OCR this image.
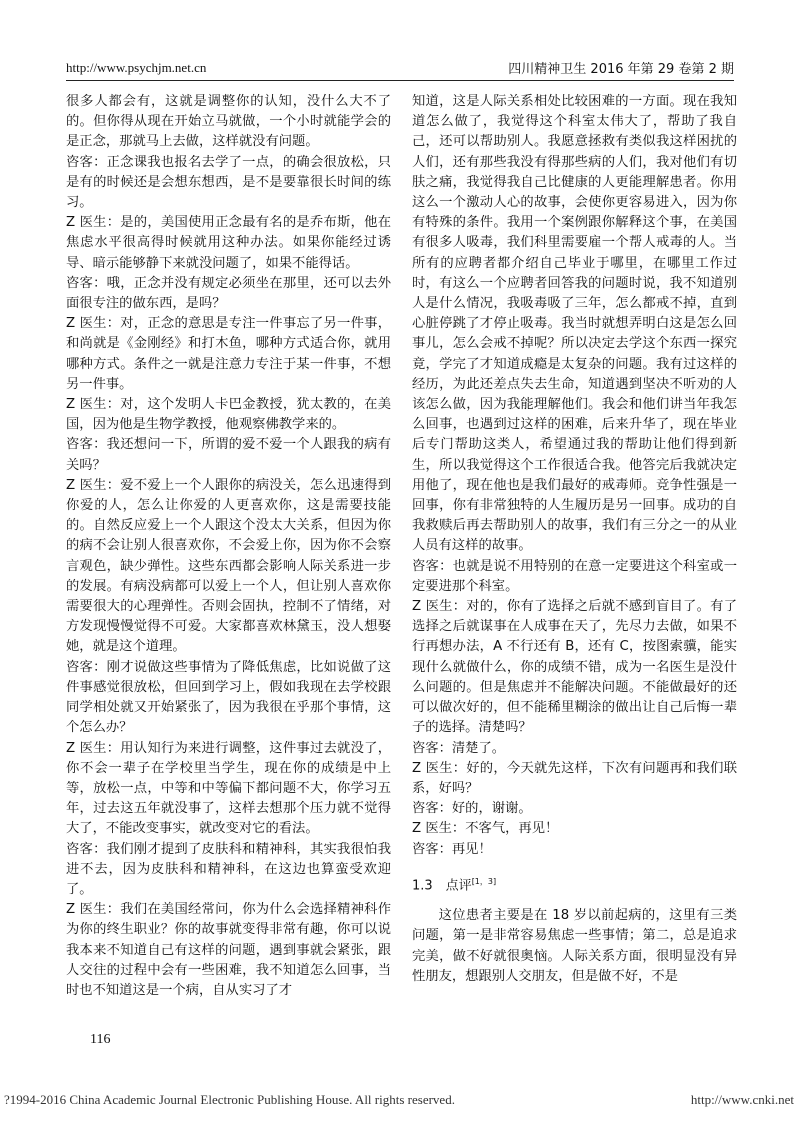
http://www.psychjm.net.cn	四川精神卫生 2016 年第 29 卷第 2 期

很多人都会有，这就是调整你的认知，没什么大不了的。但你得从现在开始立马就做，一个小时就能学会的是正念，那就马上去做，这样就没有问题。

咨客：正念课我也报名去学了一点，的确会很放松，只是有的时候还是会想东想西，是不是要靠很长时间的练习。

Z 医生：是的，美国使用正念最有名的是乔布斯，他在焦虑水平很高得时候就用这种办法。如果你能经过诱导、暗示能够静下来就没问题了，如果不能得话。

咨客：哦，正念并没有规定必须坐在那里，还可以去外面很专注的做东西，是吗？

Z 医生：对，正念的意思是专注一件事忘了另一件事，和尚就是《金刚经》和打木鱼，哪种方式适合你，就用哪种方式。条件之一就是注意力专注于某一件事，不想另一件事。

Z 医生：对，这个发明人卡巴金教授，犹太教的，在美国，因为他是生物学教授，他观察佛教学来的。

咨客：我还想问一下，所谓的爱不爱一个人跟我的病有关吗？

Z 医生：爱不爱上一个人跟你的病没关，怎么迅速得到你爱的人，怎么让你爱的人更喜欢你，这是需要技能的。自然反应爱上一个人跟这个没太大关系，但因为你的病不会让别人很喜欢你，不会爱上你，因为你不会察言观色，缺少弹性。这些东西都会影响人际关系进一步的发展。有病没病都可以爱上一个人，但让别人喜欢你需要很大的心理弹性。否则会固执，控制不了情绪，对方发现慢慢觉得不可爱。大家都喜欢林黛玉，没人想娶她，就是这个道理。

咨客：刚才说做这些事情为了降低焦虑，比如说做了这件事感觉很放松，但回到学习上，假如我现在去学校跟同学相处就又开始紧张了，因为我很在乎那个事情，这个怎么办？

Z 医生：用认知行为来进行调整，这件事过去就没了，你不会一辈子在学校里当学生，现在你的成绩是中上等，放松一点，中等和中等偏下都问题不大，你学习五年，过去这五年就没事了，这样去想那个压力就不觉得大了，不能改变事实，就改变对它的看法。

咨客：我们刚才提到了皮肤科和精神科，其实我很怕我进不去，因为皮肤科和精神科，在这边也算蛮受欢迎了。

Z 医生：我们在美国经常问，你为什么会选择精神科作为你的终生职业？你的故事就变得非常有趣，你可以说我本来不知道自己有这样的问题，遇到事就会紧张，跟人交往的过程中会有一些困难，我不知道怎么回事，当时也不知道这是一个病，自从实习了才

知道，这是人际关系相处比较困难的一方面。现在我知道怎么做了，我觉得这个科室太伟大了，帮助了我自己，还可以帮助别人。我愿意拯救有类似我这样困扰的人们，还有那些我没有得那些病的人们，我对他们有切肤之痛，我觉得我自己比健康的人更能理解患者。你用这么一个激动人心的故事，会使你更容易进入，因为你有特殊的条件。我用一个案例跟你解释这个事，在美国有很多人吸毒，我们科里需要雇一个帮人戒毒的人。当所有的应聘者都介绍自己毕业于哪里，在哪里工作过时，有这么一个应聘者回答我的问题时说，我不知道别人是什么情况，我吸毒吸了三年，怎么都戒不掉，直到心脏停跳了才停止吸毒。我当时就想弄明白这是怎么回事儿，怎么会戒不掉呢？所以决定去学这个东西一探究竟，学完了才知道成瘾是太复杂的问题。我有过这样的经历，为此还差点失去生命，知道遇到坚决不听劝的人该怎么做，因为我能理解他们。我会和他们讲当年我怎么回事，也遇到过这样的困难，后来升华了，现在毕业后专门帮助这类人，希望通过我的帮助让他们得到新生，所以我觉得这个工作很适合我。他答完后我就决定用他了，现在他也是我们最好的戒毒师。竞争性强是一回事，你有非常独特的人生履历是另一回事。成功的自我救赎后再去帮助别人的故事，我们有三分之一的从业人员有这样的故事。

咨客：也就是说不用特别的在意一定要进这个科室或一定要进那个科室。

Z 医生：对的，你有了选择之后就不感到盲目了。有了选择之后就谋事在人成事在天了，先尽力去做，如果不行再想办法，A 不行还有 B，还有 C，按图索骥，能实现什么就做什么，你的成绩不错，成为一名医生是没什么问题的。但是焦虑并不能解决问题。不能做最好的还可以做次好的，但不能稀里糊涂的做出让自己后悔一辈子的选择。清楚吗？

咨客：清楚了。

Z 医生：好的，今天就先这样，下次有问题再和我们联系，好吗？

咨客：好的，谢谢。

Z 医生：不客气，再见！

咨客：再见！

1.3　点评[1，3]

这位患者主要是在 18 岁以前起病的，这里有三类问题，第一是非常容易焦虑一些事情；第二，总是追求完美，做不好就很奥恼。人际关系方面，很明显没有异性朋友，想跟别人交朋友，但是做不好，不是

116
?1994-2016 China Academic Journal Electronic Publishing House. All rights reserved.	http://www.cnki.net
